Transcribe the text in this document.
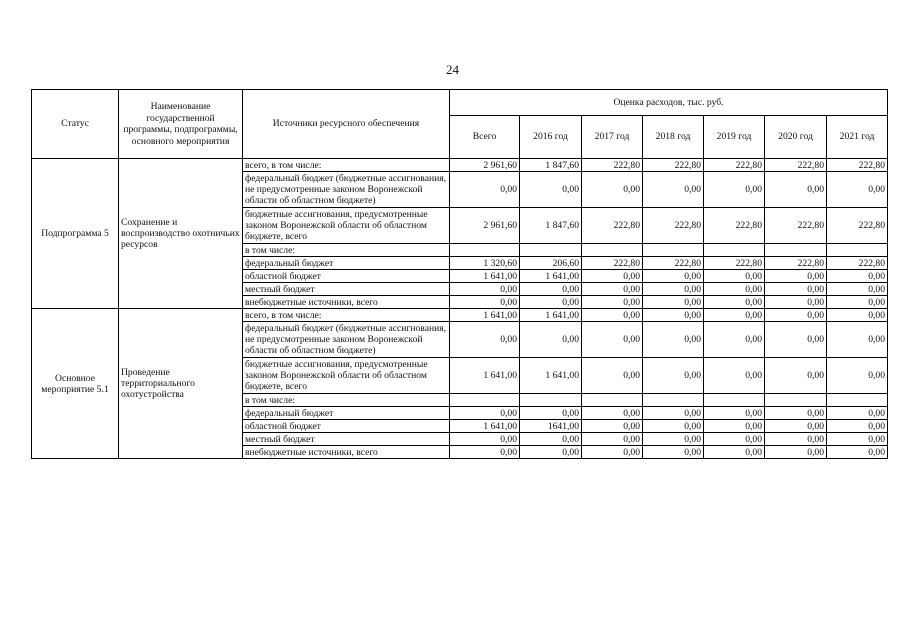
24
Статус	Наименование государственной программы, подпрограммы, основного мероприятия	Источники ресурсного обеспечения	Оценка расходов, тыс. руб.						
			Всего	2016 год	2017 год	2018 год	2019 год	2020 год	2021 год
Подпрограмма 5	Сохранение и воспроизводство охотничьих ресурсов	всего, в том числе:	2 961,60	1 847,60	222,80	222,80	222,80	222,80	222,80
		федеральный бюджет (бюджетные ассигнования, не предусмотренные законом Воронежской области об областном бюджете)	0,00	0,00	0,00	0,00	0,00	0,00	0,00
		бюджетные ассигнования, предусмотренные законом Воронежской области об областном бюджете, всего	2 961,60	1 847,60	222,80	222,80	222,80	222,80	222,80
		в том числе:							
		федеральный бюджет	1 320,60	206,60	222,80	222,80	222,80	222,80	222,80
		областной бюджет	1 641,00	1 641,00	0,00	0,00	0,00	0,00	0,00
		местный бюджет	0,00	0,00	0,00	0,00	0,00	0,00	0,00
		внебюджетные источники, всего	0,00	0,00	0,00	0,00	0,00	0,00	0,00
Основное мероприятие 5.1	Проведение территориального охотустройства	всего, в том числе:	1 641,00	1 641,00	0,00	0,00	0,00	0,00	0,00
		федеральный бюджет (бюджетные ассигнования, не предусмотренные законом Воронежской области об областном бюджете)	0,00	0,00	0,00	0,00	0,00	0,00	0,00
		бюджетные ассигнования, предусмотренные законом Воронежской области об областном бюджете, всего	1 641,00	1 641,00	0,00	0,00	0,00	0,00	0,00
		в том числе:							
		федеральный бюджет	0,00	0,00	0,00	0,00	0,00	0,00	0,00
		областной бюджет	1 641,00	1641,00	0,00	0,00	0,00	0,00	0,00
		местный бюджет	0,00	0,00	0,00	0,00	0,00	0,00	0,00
		внебюджетные источники, всего	0,00	0,00	0,00	0,00	0,00	0,00	0,00
